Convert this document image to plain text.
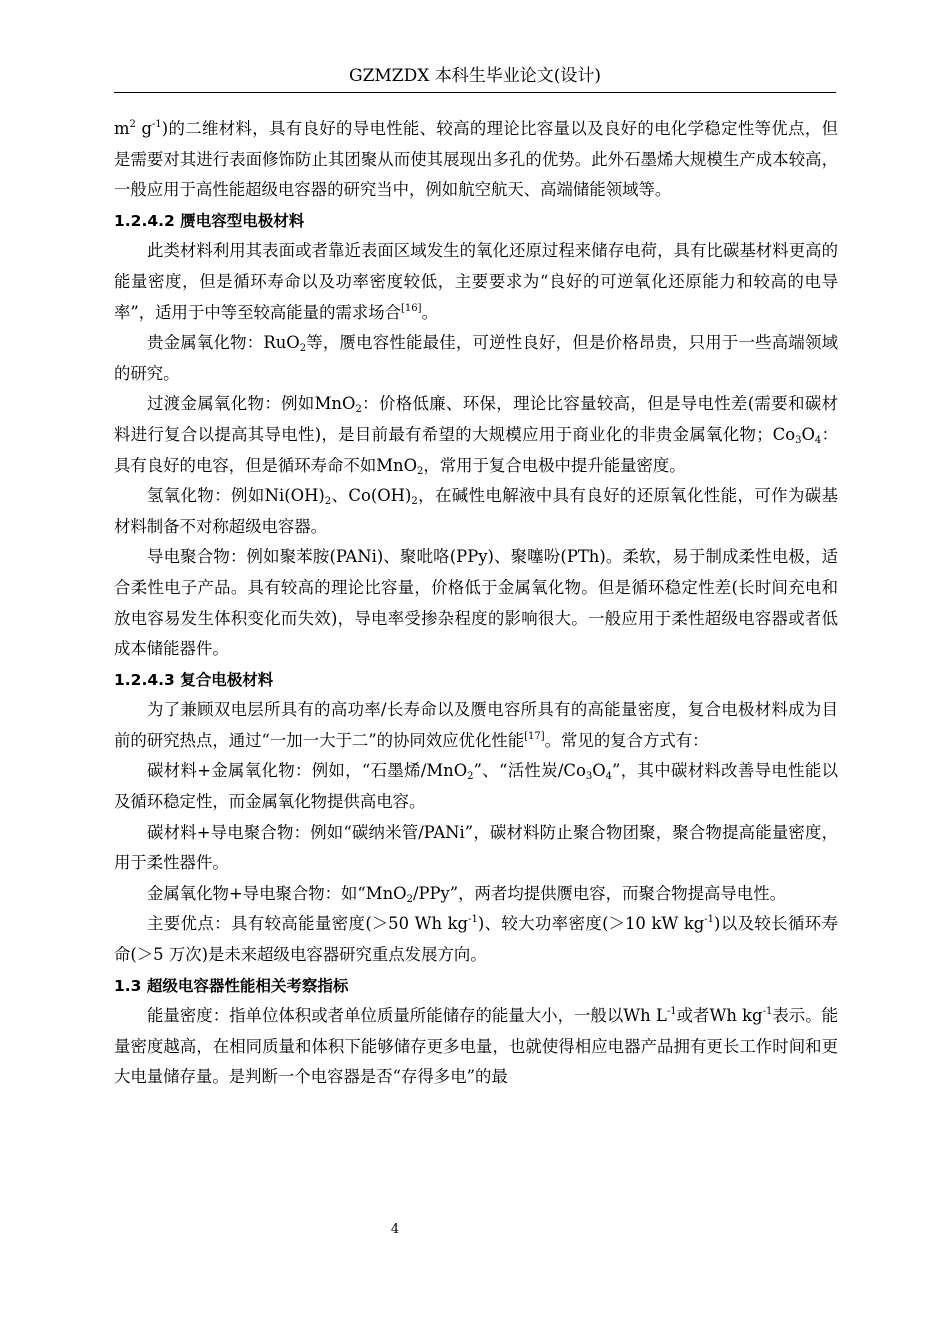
GZMZDX 本科生毕业论文(设计)

$m^2$ $g^{-1}$)的二维材料，具有良好的导电性能、较高的理论比容量以及良好的电化学稳定性等优点，但是需要对其进行表面修饰防止其团聚从而使其展现出多孔的优势。此外石墨烯大规模生产成本较高，一般应用于高性能超级电容器的研究当中，例如航空航天、高端储能领域等。

1.2.4.2 赝电容型电极材料

此类材料利用其表面或者靠近表面区域发生的氧化还原过程来储存电荷，具有比碳基材料更高的能量密度，但是循环寿命以及功率密度较低，主要要求为“良好的可逆氧化还原能力和较高的电导率”，适用于中等至较高能量的需求场合[16]。

贵金属氧化物：RuO$_2$等，赝电容性能最佳，可逆性良好，但是价格昂贵，只用于一些高端领域的研究。

过渡金属氧化物：例如MnO$_2$：价格低廉、环保，理论比容量较高，但是导电性差(需要和碳材料进行复合以提高其导电性)，是目前最有希望的大规模应用于商业化的非贵金属氧化物；$Co_3O_4$：具有良好的电容，但是循环寿命不如MnO$_2$，常用于复合电极中提升能量密度。

氢氧化物：例如$Ni(OH)_2$、$Co(OH)_2$，在碱性电解液中具有良好的还原氧化性能，可作为碳基材料制备不对称超级电容器。

导电聚合物：例如聚苯胺(PANi)、聚吡咯(PPy)、聚噻吩(PTh)。柔软，易于制成柔性电极，适合柔性电子产品。具有较高的理论比容量，价格低于金属氧化物。但是循环稳定性差(长时间充电和放电容易发生体积变化而失效)，导电率受掺杂程度的影响很大。一般应用于柔性超级电容器或者低成本储能器件。

1.2.4.3 复合电极材料

为了兼顾双电层所具有的高功率/长寿命以及赝电容所具有的高能量密度，复合电极材料成为目前的研究热点，通过“一加一大于二”的协同效应优化性能[17]。常见的复合方式有：

碳材料+金属氧化物：例如，“石墨烯/MnO$_2$”、“活性炭$/Co_3O_4$”，其中碳材料改善导电性能以及循环稳定性，而金属氧化物提供高电容。

碳材料+导电聚合物：例如“碳纳米管/PANi”，碳材料防止聚合物团聚，聚合物提高能量密度，用于柔性器件。

金属氧化物+导电聚合物：如“MnO$_2$/PPy”，两者均提供赝电容，而聚合物提高导电性。

主要优点：具有较高能量密度(＞50 Wh $kg^{-1}$)、较大功率密度(＞10 kW $kg^{-1}$)以及较长循环寿命(＞5 万次)是未来超级电容器研究重点发展方向。

1.3 超级电容器性能相关考察指标

能量密度：指单位体积或者单位质量所能储存的能量大小，一般以Wh $L^{-1}$或者Wh $kg^{-1}$表示。能量密度越高，在相同质量和体积下能够储存更多电量，也就使得相应电器产品拥有更长工作时间和更大电量储存量。是判断一个电容器是否“存得多电”的最

4
